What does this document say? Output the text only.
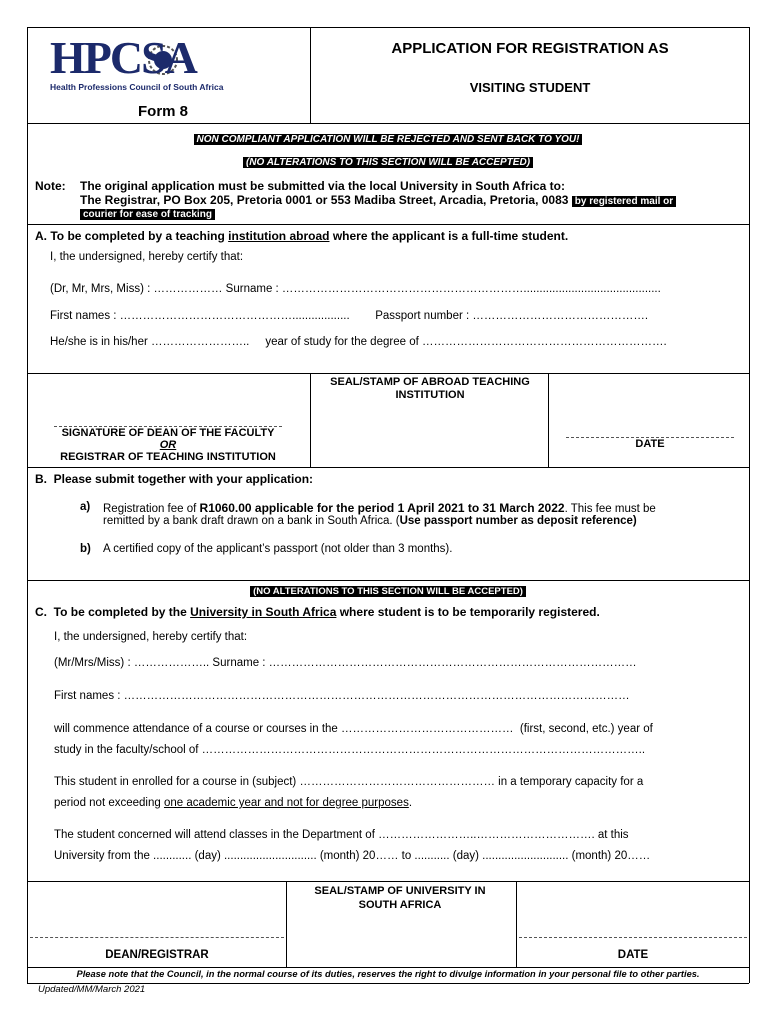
HPCSA
Health Professions Council of South Africa
Form 8
APPLICATION FOR REGISTRATION AS
VISITING STUDENT
NON COMPLIANT APPLICATION WILL BE REJECTED AND SENT BACK TO YOU!
(NO ALTERATIONS TO THIS SECTION WILL BE ACCEPTED)
Note: The original application must be submitted via the local University in South Africa to:
The Registrar, PO Box 205, Pretoria 0001 or 553 Madiba Street, Arcadia, Pretoria, 0083 by registered mail or
courier for ease of tracking
A. To be completed by a teaching institution abroad where the applicant is a full-time student.
I, the undersigned, hereby certify that:
(Dr, Mr, Mrs, Miss) : ……………… Surname : ………………………………………………………...........................................
First names : ………………………………………..................        Passport number : ……………………………………….
He/she is in his/her ……………………..     year of study for the degree of ……………………………………………………….
SEAL/STAMP OF ABROAD TEACHING INSTITUTION
SIGNATURE OF DEAN OF THE FACULTY
OR
REGISTRAR OF TEACHING INSTITUTION
DATE
B.  Please submit together with your application:
a) Registration fee of R1060.00 applicable for the period 1 April 2021 to 31 March 2022. This fee must be
remitted by a bank draft drawn on a bank in South Africa. (Use passport number as deposit reference)
b) A certified copy of the applicant’s passport (not older than 3 months).
(NO ALTERATIONS TO THIS SECTION WILL BE ACCEPTED)
C.  To be completed by the University in South Africa where student is to be temporarily registered.
I, the undersigned, hereby certify that:
(Mr/Mrs/Miss) : ……………….. Surname : ……………………………………………………………………………………
First names : ……………………………………………………………………………………………………………………
will commence attendance of a course or courses in the ………………………………………  (first, second, etc.) year of
study in the faculty/school of ……………………………………………………………………………………………………..
This student in enrolled for a course in (subject) …………………………………………… in a temporary capacity for a
period not exceeding one academic year and not for degree purposes.
The student concerned will attend classes in the Department of ……………………..…………………………. at this
University from the ............ (day) ............................. (month) 20…… to ........... (day) ........................... (month) 20……
SEAL/STAMP OF UNIVERSITY IN SOUTH AFRICA
DEAN/REGISTRAR	DATE
Please note that the Council, in the normal course of its duties, reserves the right to divulge information in your personal file to other parties.
Updated/MM/March 2021
